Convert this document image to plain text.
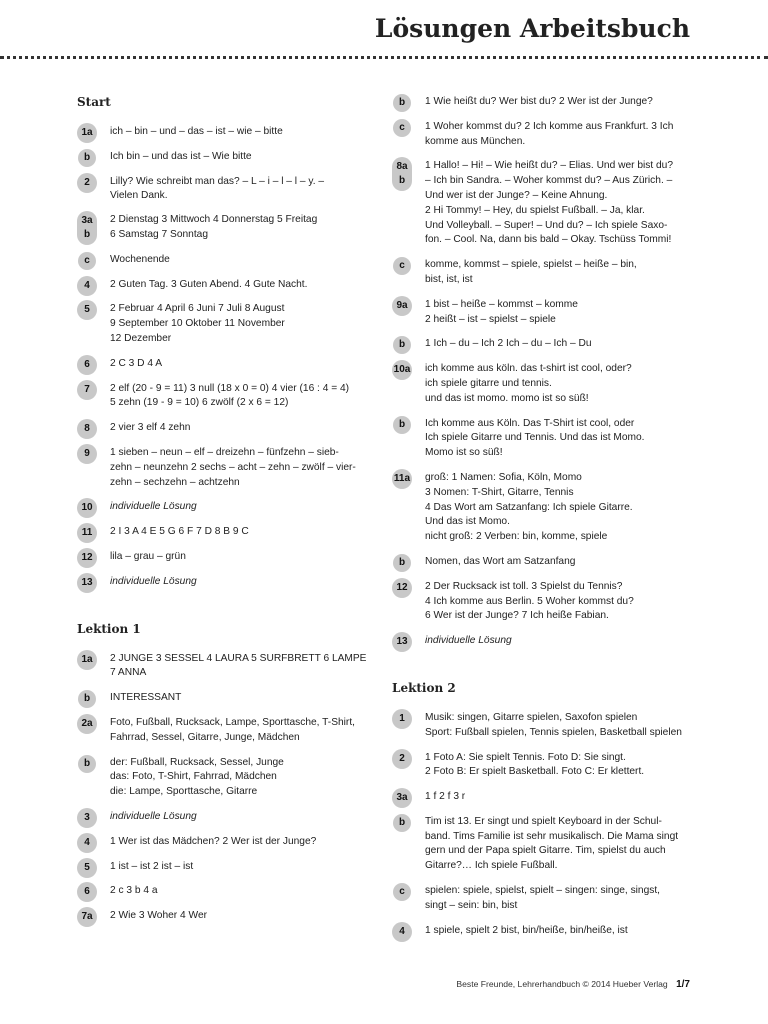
Lösungen Arbeitsbuch
Start
1a	ich – bin – und – das – ist – wie – bitte
b	Ich bin – und das ist – Wie bitte
2	Lilly? Wie schreibt man das? – L – i – l – l – y. –
Vielen Dank.
3a
b
2 Dienstag 3 Mittwoch 4 Donnerstag 5 Freitag
6 Samstag 7 Sonntag
c	Wochenende
4	2 Guten Tag. 3 Guten Abend. 4 Gute Nacht.
5	2 Februar 4 April 6 Juni 7 Juli 8 August
9 September 10 Oktober 11 November
12 Dezember
6	2 C 3 D 4 A
7	2 elf (20 - 9 = 11) 3 null (18 x 0 = 0) 4 vier (16 : 4 = 4)
5 zehn (19 - 9 = 10) 6 zwölf (2 x 6 = 12)
8	2 vier 3 elf 4 zehn
9	1 sieben – neun – elf – dreizehn – fünfzehn – sieb-
zehn – neunzehn 2 sechs – acht – zehn – zwölf – vier-
zehn – sechzehn – achtzehn
10	individuelle Lösung
11	2 I 3 A 4 E 5 G 6 F 7 D 8 B 9 C
12	lila – grau – grün
13	individuelle Lösung
Lektion 1
1a	2 JUNGE 3 SESSEL 4 LAURA 5 SURFBRETT 6 LAMPE
7 ANNA
b	INTERESSANT
2a	Foto, Fußball, Rucksack, Lampe, Sporttasche, T-Shirt,
Fahrrad, Sessel, Gitarre, Junge, Mädchen
b	der: Fußball, Rucksack, Sessel, Junge
das: Foto, T-Shirt, Fahrrad, Mädchen
die: Lampe, Sporttasche, Gitarre
3	individuelle Lösung
4	1 Wer ist das Mädchen? 2 Wer ist der Junge?
5	1 ist – ist 2 ist – ist
6	2 c 3 b 4 a
7a	2 Wie 3 Woher 4 Wer
b	1 Wie heißt du? Wer bist du? 2 Wer ist der Junge?
c	1 Woher kommst du? 2 Ich komme aus Frankfurt. 3 Ich
komme aus München.
8a
b
1 Hallo! – Hi! – Wie heißt du? – Elias. Und wer bist du?
– Ich bin Sandra. – Woher kommst du? – Aus Zürich. –
Und wer ist der Junge? – Keine Ahnung.
2 Hi Tommy! – Hey, du spielst Fußball. – Ja, klar.
Und Volleyball. – Super! – Und du? – Ich spiele Saxo-
fon. – Cool. Na, dann bis bald – Okay. Tschüss Tommi!
c	komme, kommst – spiele, spielst – heiße – bin,
bist, ist, ist
9a	1 bist – heiße – kommst – komme
2 heißt – ist – spielst – spiele
b	1 Ich – du – Ich 2 Ich – du – Ich – Du
10a ich komme aus köln. das t-shirt ist cool, oder?
ich spiele gitarre und tennis.
und das ist momo. momo ist so süß!
b	Ich komme aus Köln. Das T-Shirt ist cool, oder
Ich spiele Gitarre und Tennis. Und das ist Momo.
Momo ist so süß!
11a groß: 1 Namen: Sofia, Köln, Momo
3 Nomen: T-Shirt, Gitarre, Tennis
4 Das Wort am Satzanfang: Ich spiele Gitarre.
Und das ist Momo.
nicht groß: 2 Verben: bin, komme, spiele
b	Nomen, das Wort am Satzanfang
12	2 Der Rucksack ist toll. 3 Spielst du Tennis?
4 Ich komme aus Berlin. 5 Woher kommst du?
6 Wer ist der Junge? 7 Ich heiße Fabian.
13	individuelle Lösung
Lektion 2
1	Musik: singen, Gitarre spielen, Saxofon spielen
Sport: Fußball spielen, Tennis spielen, Basketball spielen
2	1 Foto A: Sie spielt Tennis. Foto D: Sie singt.
2 Foto B: Er spielt Basketball. Foto C: Er klettert.
3a	1 f 2 f 3 r
b	Tim ist 13. Er singt und spielt Keyboard in der Schul-
band. Tims Familie ist sehr musikalisch. Die Mama singt
gern und der Papa spielt Gitarre. Tim, spielst du auch
Gitarre?… Ich spiele Fußball.
c	spielen: spiele, spielst, spielt – singen: singe, singst,
singt – sein: bin, bist
4	1 spiele, spielt 2 bist, bin/heiße, bin/heiße, ist
Beste Freunde, Lehrerhandbuch © 2014 Hueber Verlag 1/7
